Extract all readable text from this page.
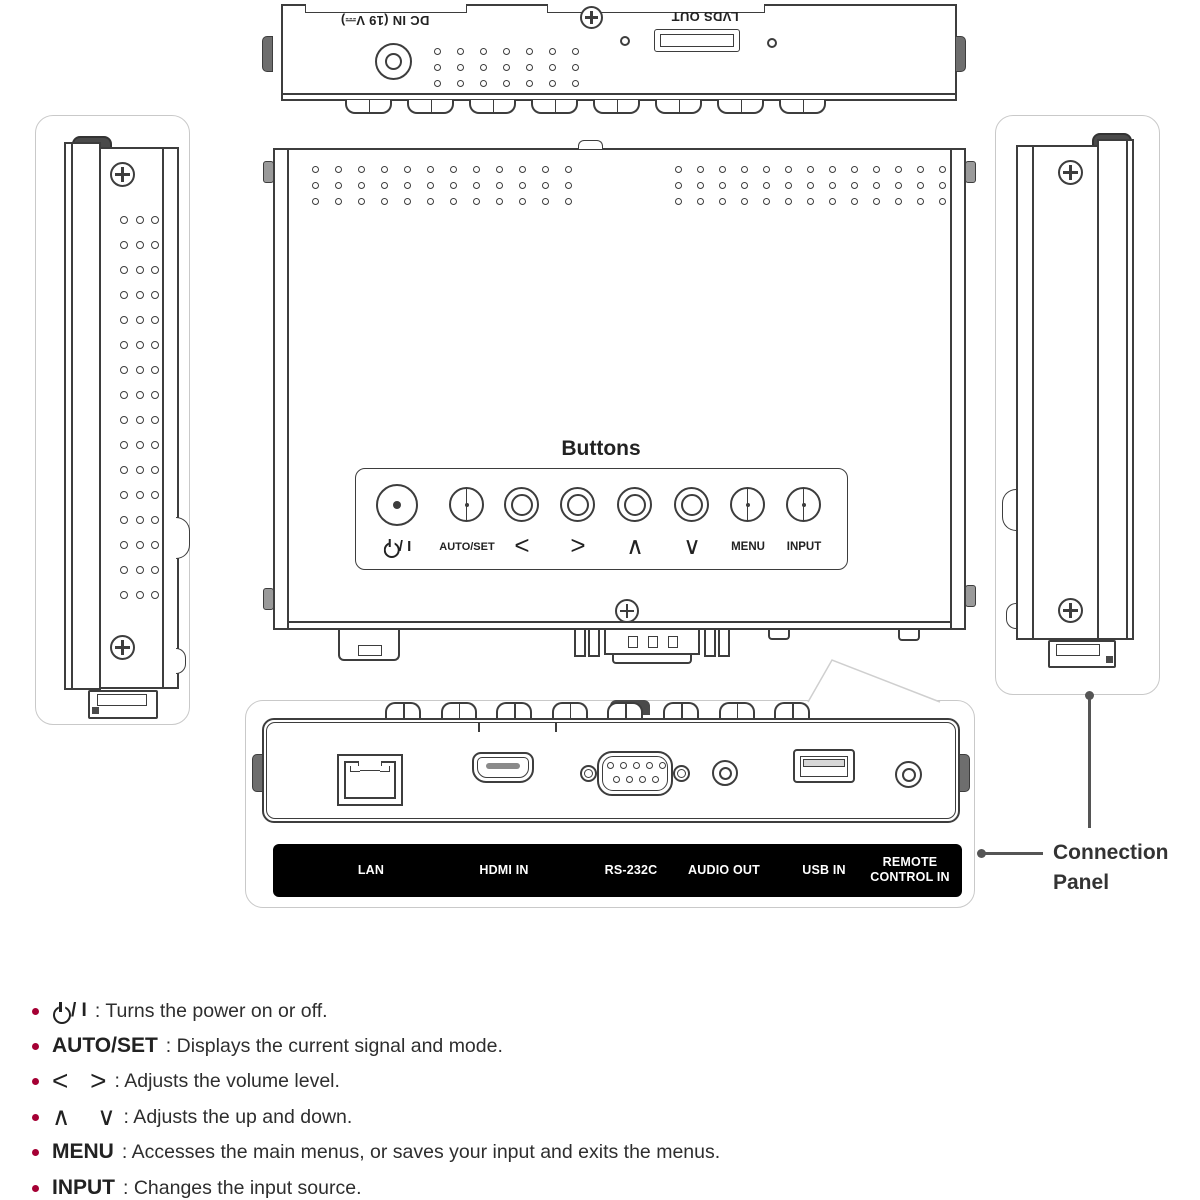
DC IN (19 V⎓)	LVDS OUT
Buttons
/ I	AUTO/SET < > ∧ ∨	MENU INPUT
LAN	HDMI IN	RS-232C AUDIO OUT	USB IN
REMOTE CONTROL IN
Connection Panel
/ I : Turns the power on or off.
AUTO/SET : Displays the current signal and mode.
< > : Adjusts the volume level.
∧ ∨ : Adjusts the up and down.
MENU : Accesses the main menus, or saves your input and exits the menus.
INPUT : Changes the input source.
